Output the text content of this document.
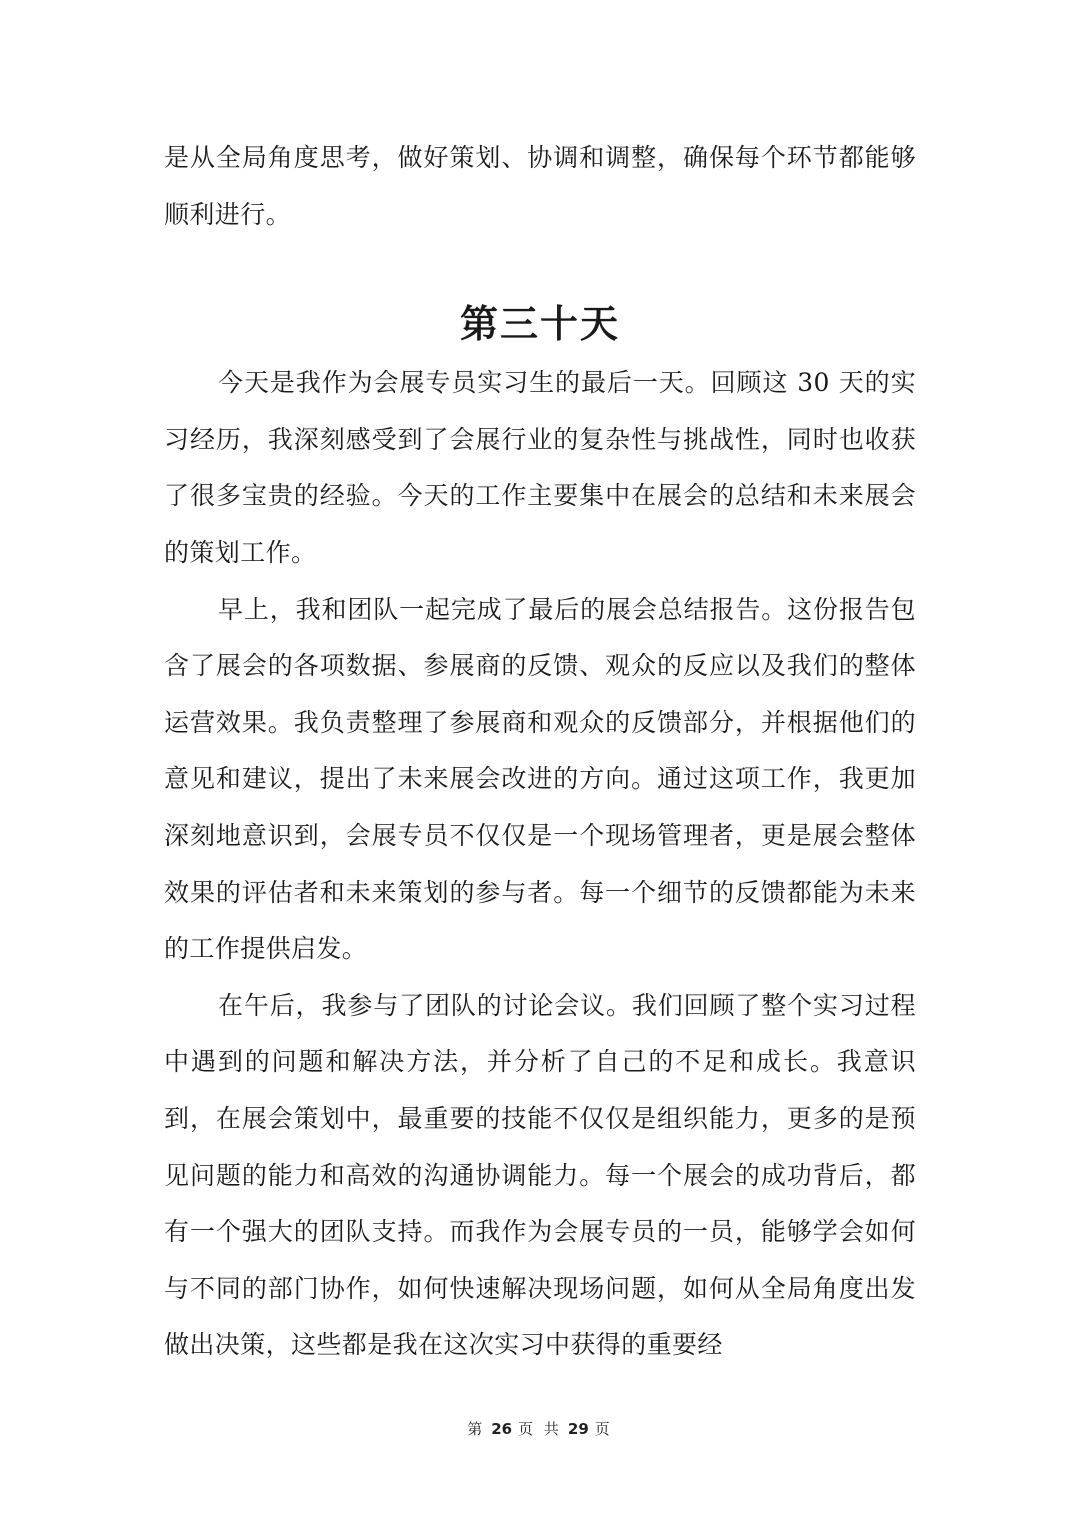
是从全局角度思考，做好策划、协调和调整，确保每个环节都能够顺利进行。

第三十天

今天是我作为会展专员实习生的最后一天。回顾这 30 天的实习经历，我深刻感受到了会展行业的复杂性与挑战性，同时也收获了很多宝贵的经验。今天的工作主要集中在展会的总结和未来展会的策划工作。

早上，我和团队一起完成了最后的展会总结报告。这份报告包含了展会的各项数据、参展商的反馈、观众的反应以及我们的整体运营效果。我负责整理了参展商和观众的反馈部分，并根据他们的意见和建议，提出了未来展会改进的方向。通过这项工作，我更加深刻地意识到，会展专员不仅仅是一个现场管理者，更是展会整体效果的评估者和未来策划的参与者。每一个细节的反馈都能为未来的工作提供启发。

在午后，我参与了团队的讨论会议。我们回顾了整个实习过程中遇到的问题和解决方法，并分析了自己的不足和成长。我意识到，在展会策划中，最重要的技能不仅仅是组织能力，更多的是预见问题的能力和高效的沟通协调能力。每一个展会的成功背后，都有一个强大的团队支持。而我作为会展专员的一员，能够学会如何与不同的部门协作，如何快速解决现场问题，如何从全局角度出发做出决策，这些都是我在这次实习中获得的重要经

第 26 页 共 29 页
